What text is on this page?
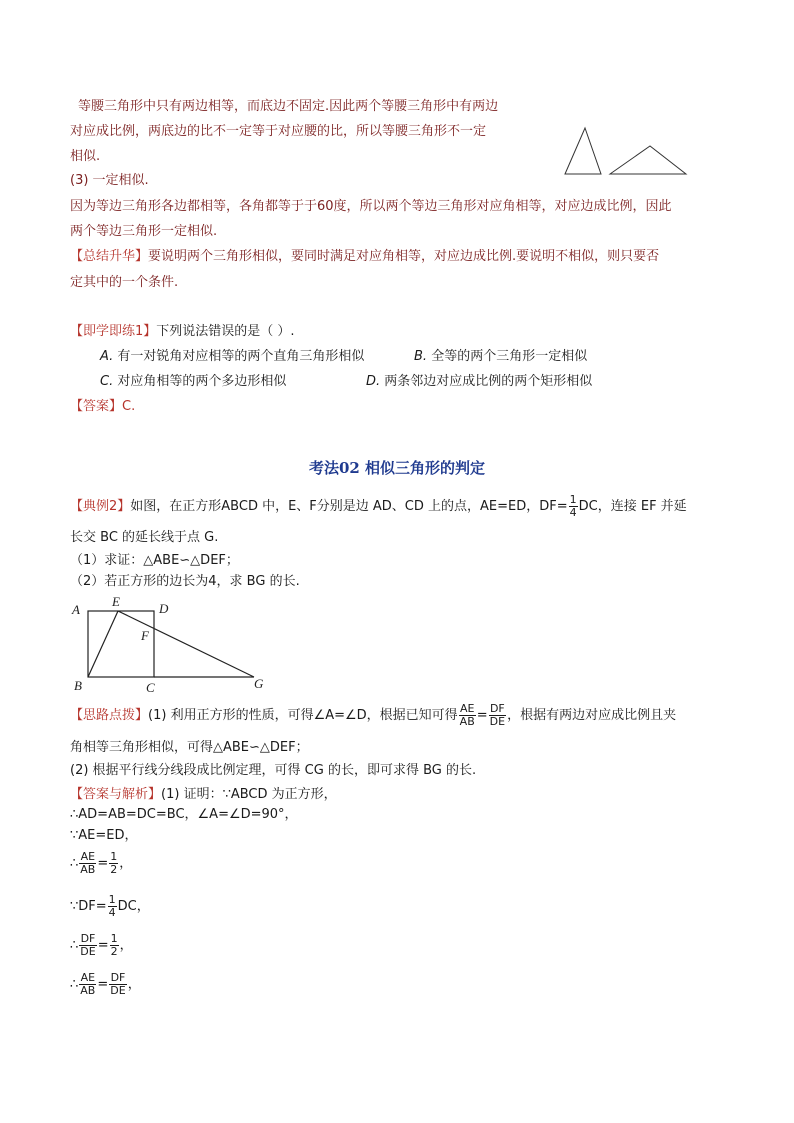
等腰三角形中只有两边相等，而底边不固定.因此两个等腰三角形中有两边
对应成比例，两底边的比不一定等于对应腰的比，所以等腰三角形不一定
相似.
(3) 一定相似.
因为等边三角形各边都相等，各角都等于于60度，所以两个等边三角形对应角相等，对应边成比例，因此
两个等边三角形一定相似.
【总结升华】要说明两个三角形相似，要同时满足对应角相等，对应边成比例.要说明不相似，则只要否
定其中的一个条件.
【即学即练1】下列说法错误的是（ ）.
A. 有一对锐角对应相等的两个直角三角形相似	B. 全等的两个三角形一定相似
C. 对应角相等的两个多边形相似	D. 两条邻边对应成比例的两个矩形相似
【答案】C.
考法02 相似三角形的判定
【典例2】如图，在正方形ABCD 中，E、F分别是边 AD、CD 上的点，AE=ED，$DF= \frac{1}{4}$ DC，连接 EF 并延
长交 BC 的延长线于点 G.
（1）求证：△ABE∽△DEF；
（2）若正方形的边长为4，求 BG 的长.
A
E	D
F
B	C	G
【思路点拨】(1) 利用正方形的性质，可得∠A=∠D，根据已知可得 $\frac{AE}{AB} = \frac{DF}{DE}$ ，根据有两边对应成比例且夹
角相等三角形相似，可得△ABE∽△DEF；
(2) 根据平行线分线段成比例定理，可得 CG 的长，即可求得 BG 的长.
【答案与解析】(1) 证明：∵ABCD 为正方形，
∴AD=AB=DC=BC，∠A=∠D=90°，
∵AE=ED，
∴ $\frac{AE}{AB} = \frac{1}{2}$ ，
∵DF= $\frac{1}{4}$ DC，
∴ $\frac{DF}{DE} = \frac{1}{2}$ ，
∴ $\frac{AE}{AB} = \frac{DF}{DE}$ ，
